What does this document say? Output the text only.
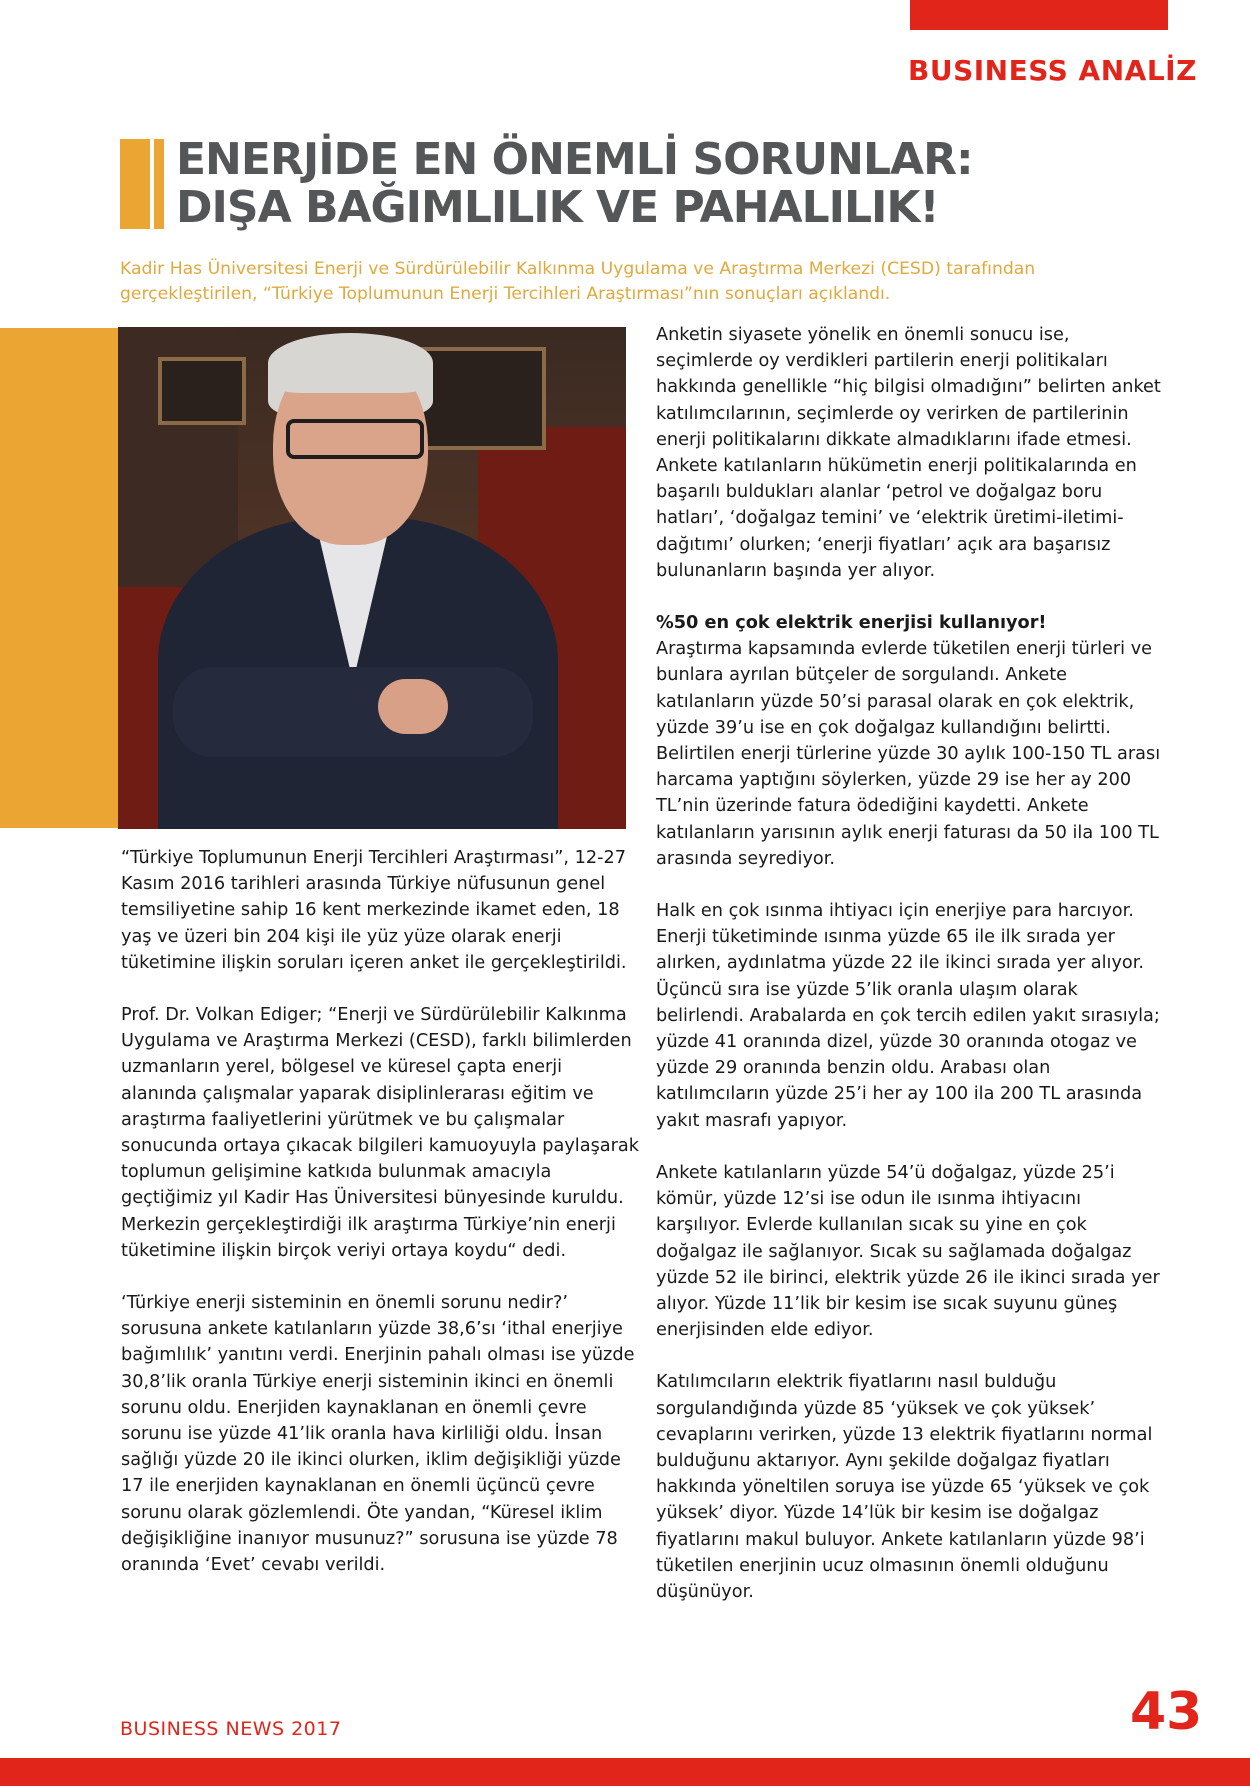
BUSINESS ANALİZ
ENERJİDE EN ÖNEMLİ SORUNLAR:
DIŞA BAĞIMLILIK VE PAHALILIK!
Kadir Has Üniversitesi Enerji ve Sürdürülebilir Kalkınma Uygulama ve Araştırma Merkezi (CESD) tarafından gerçekleştirilen, “Türkiye Toplumunun Enerji Tercihleri Araştırması”nın sonuçları açıklandı.

“Türkiye Toplumunun Enerji Tercihleri Araştırması”, 12-27 Kasım 2016 tarihleri arasında Türkiye nüfusunun genel temsiliyetine sahip 16 kent merkezinde ikamet eden, 18 yaş ve üzeri bin 204 kişi ile yüz yüze olarak enerji tüketimine ilişkin soruları içeren anket ile gerçekleştirildi.

Prof. Dr. Volkan Ediger; “Enerji ve Sürdürülebilir Kalkınma Uygulama ve Araştırma Merkezi (CESD), farklı bilimlerden uzmanların yerel, bölgesel ve küresel çapta enerji alanında çalışmalar yaparak disiplinlerarası eğitim ve araştırma faaliyetlerini yürütmek ve bu çalışmalar sonucunda ortaya çıkacak bilgileri kamuoyuyla paylaşarak toplumun gelişimine katkıda bulunmak amacıyla geçtiğimiz yıl Kadir Has Üniversitesi bünyesinde kuruldu. Merkezin gerçekleştirdiği ilk araştırma Türkiye’nin enerji tüketimine ilişkin birçok veriyi ortaya koydu“ dedi.

‘Türkiye enerji sisteminin en önemli sorunu nedir?’ sorusuna ankete katılanların yüzde 38,6’sı ‘ithal enerjiye bağımlılık’ yanıtını verdi. Enerjinin pahalı olması ise yüzde 30,8’lik oranla Türkiye enerji sisteminin ikinci en önemli sorunu oldu. Enerjiden kaynaklanan en önemli çevre sorunu ise yüzde 41’lik oranla hava kirliliği oldu. İnsan sağlığı yüzde 20 ile ikinci olurken, iklim değişikliği yüzde 17 ile enerjiden kaynaklanan en önemli üçüncü çevre sorunu olarak gözlemlendi. Öte yandan, “Küresel iklim değişikliğine inanıyor musunuz?” sorusuna ise yüzde 78 oranında ‘Evet’ cevabı verildi.

Anketin siyasete yönelik en önemli sonucu ise, seçimlerde oy verdikleri partilerin enerji politikaları hakkında genellikle “hiç bilgisi olmadığını” belirten anket katılımcılarının, seçimlerde oy verirken de partilerinin enerji politikalarını dikkate almadıklarını ifade etmesi. Ankete katılanların hükümetin enerji politikalarında en başarılı buldukları alanlar ‘petrol ve doğalgaz boru hatları’, ‘doğalgaz temini’ ve ‘elektrik üretimi-iletimi-dağıtımı’ olurken; ‘enerji fiyatları’ açık ara başarısız bulunanların başında yer alıyor.

%50 en çok elektrik enerjisi kullanıyor!
Araştırma kapsamında evlerde tüketilen enerji türleri ve bunlara ayrılan bütçeler de sorgulandı. Ankete katılanların yüzde 50’si parasal olarak en çok elektrik, yüzde 39’u ise en çok doğalgaz kullandığını belirtti. Belirtilen enerji türlerine yüzde 30 aylık 100-150 TL arası harcama yaptığını söylerken, yüzde 29 ise her ay 200 TL’nin üzerinde fatura ödediğini kaydetti. Ankete katılanların yarısının aylık enerji faturası da 50 ila 100 TL arasında seyrediyor.

Halk en çok ısınma ihtiyacı için enerjiye para harcıyor. Enerji tüketiminde ısınma yüzde 65 ile ilk sırada yer alırken, aydınlatma yüzde 22 ile ikinci sırada yer alıyor. Üçüncü sıra ise yüzde 5’lik oranla ulaşım olarak belirlendi. Arabalarda en çok tercih edilen yakıt sırasıyla; yüzde 41 oranında dizel, yüzde 30 oranında otogaz ve yüzde 29 oranında benzin oldu. Arabası olan katılımcıların yüzde 25’i her ay 100 ila 200 TL arasında yakıt masrafı yapıyor.

Ankete katılanların yüzde 54’ü doğalgaz, yüzde 25’i kömür, yüzde 12’si ise odun ile ısınma ihtiyacını karşılıyor. Evlerde kullanılan sıcak su yine en çok doğalgaz ile sağlanıyor. Sıcak su sağlamada doğalgaz yüzde 52 ile birinci, elektrik yüzde 26 ile ikinci sırada yer alıyor. Yüzde 11’lik bir kesim ise sıcak suyunu güneş enerjisinden elde ediyor.

Katılımcıların elektrik fiyatlarını nasıl bulduğu sorgulandığında yüzde 85 ‘yüksek ve çok yüksek’ cevaplarını verirken, yüzde 13 elektrik fiyatlarını normal bulduğunu aktarıyor. Aynı şekilde doğalgaz fiyatları hakkında yöneltilen soruya ise yüzde 65 ‘yüksek ve çok yüksek’ diyor. Yüzde 14’lük bir kesim ise doğalgaz fiyatlarını makul buluyor. Ankete katılanların yüzde 98’i tüketilen enerjinin ucuz olmasının önemli olduğunu düşünüyor.

BUSINESS NEWS 2017	43
